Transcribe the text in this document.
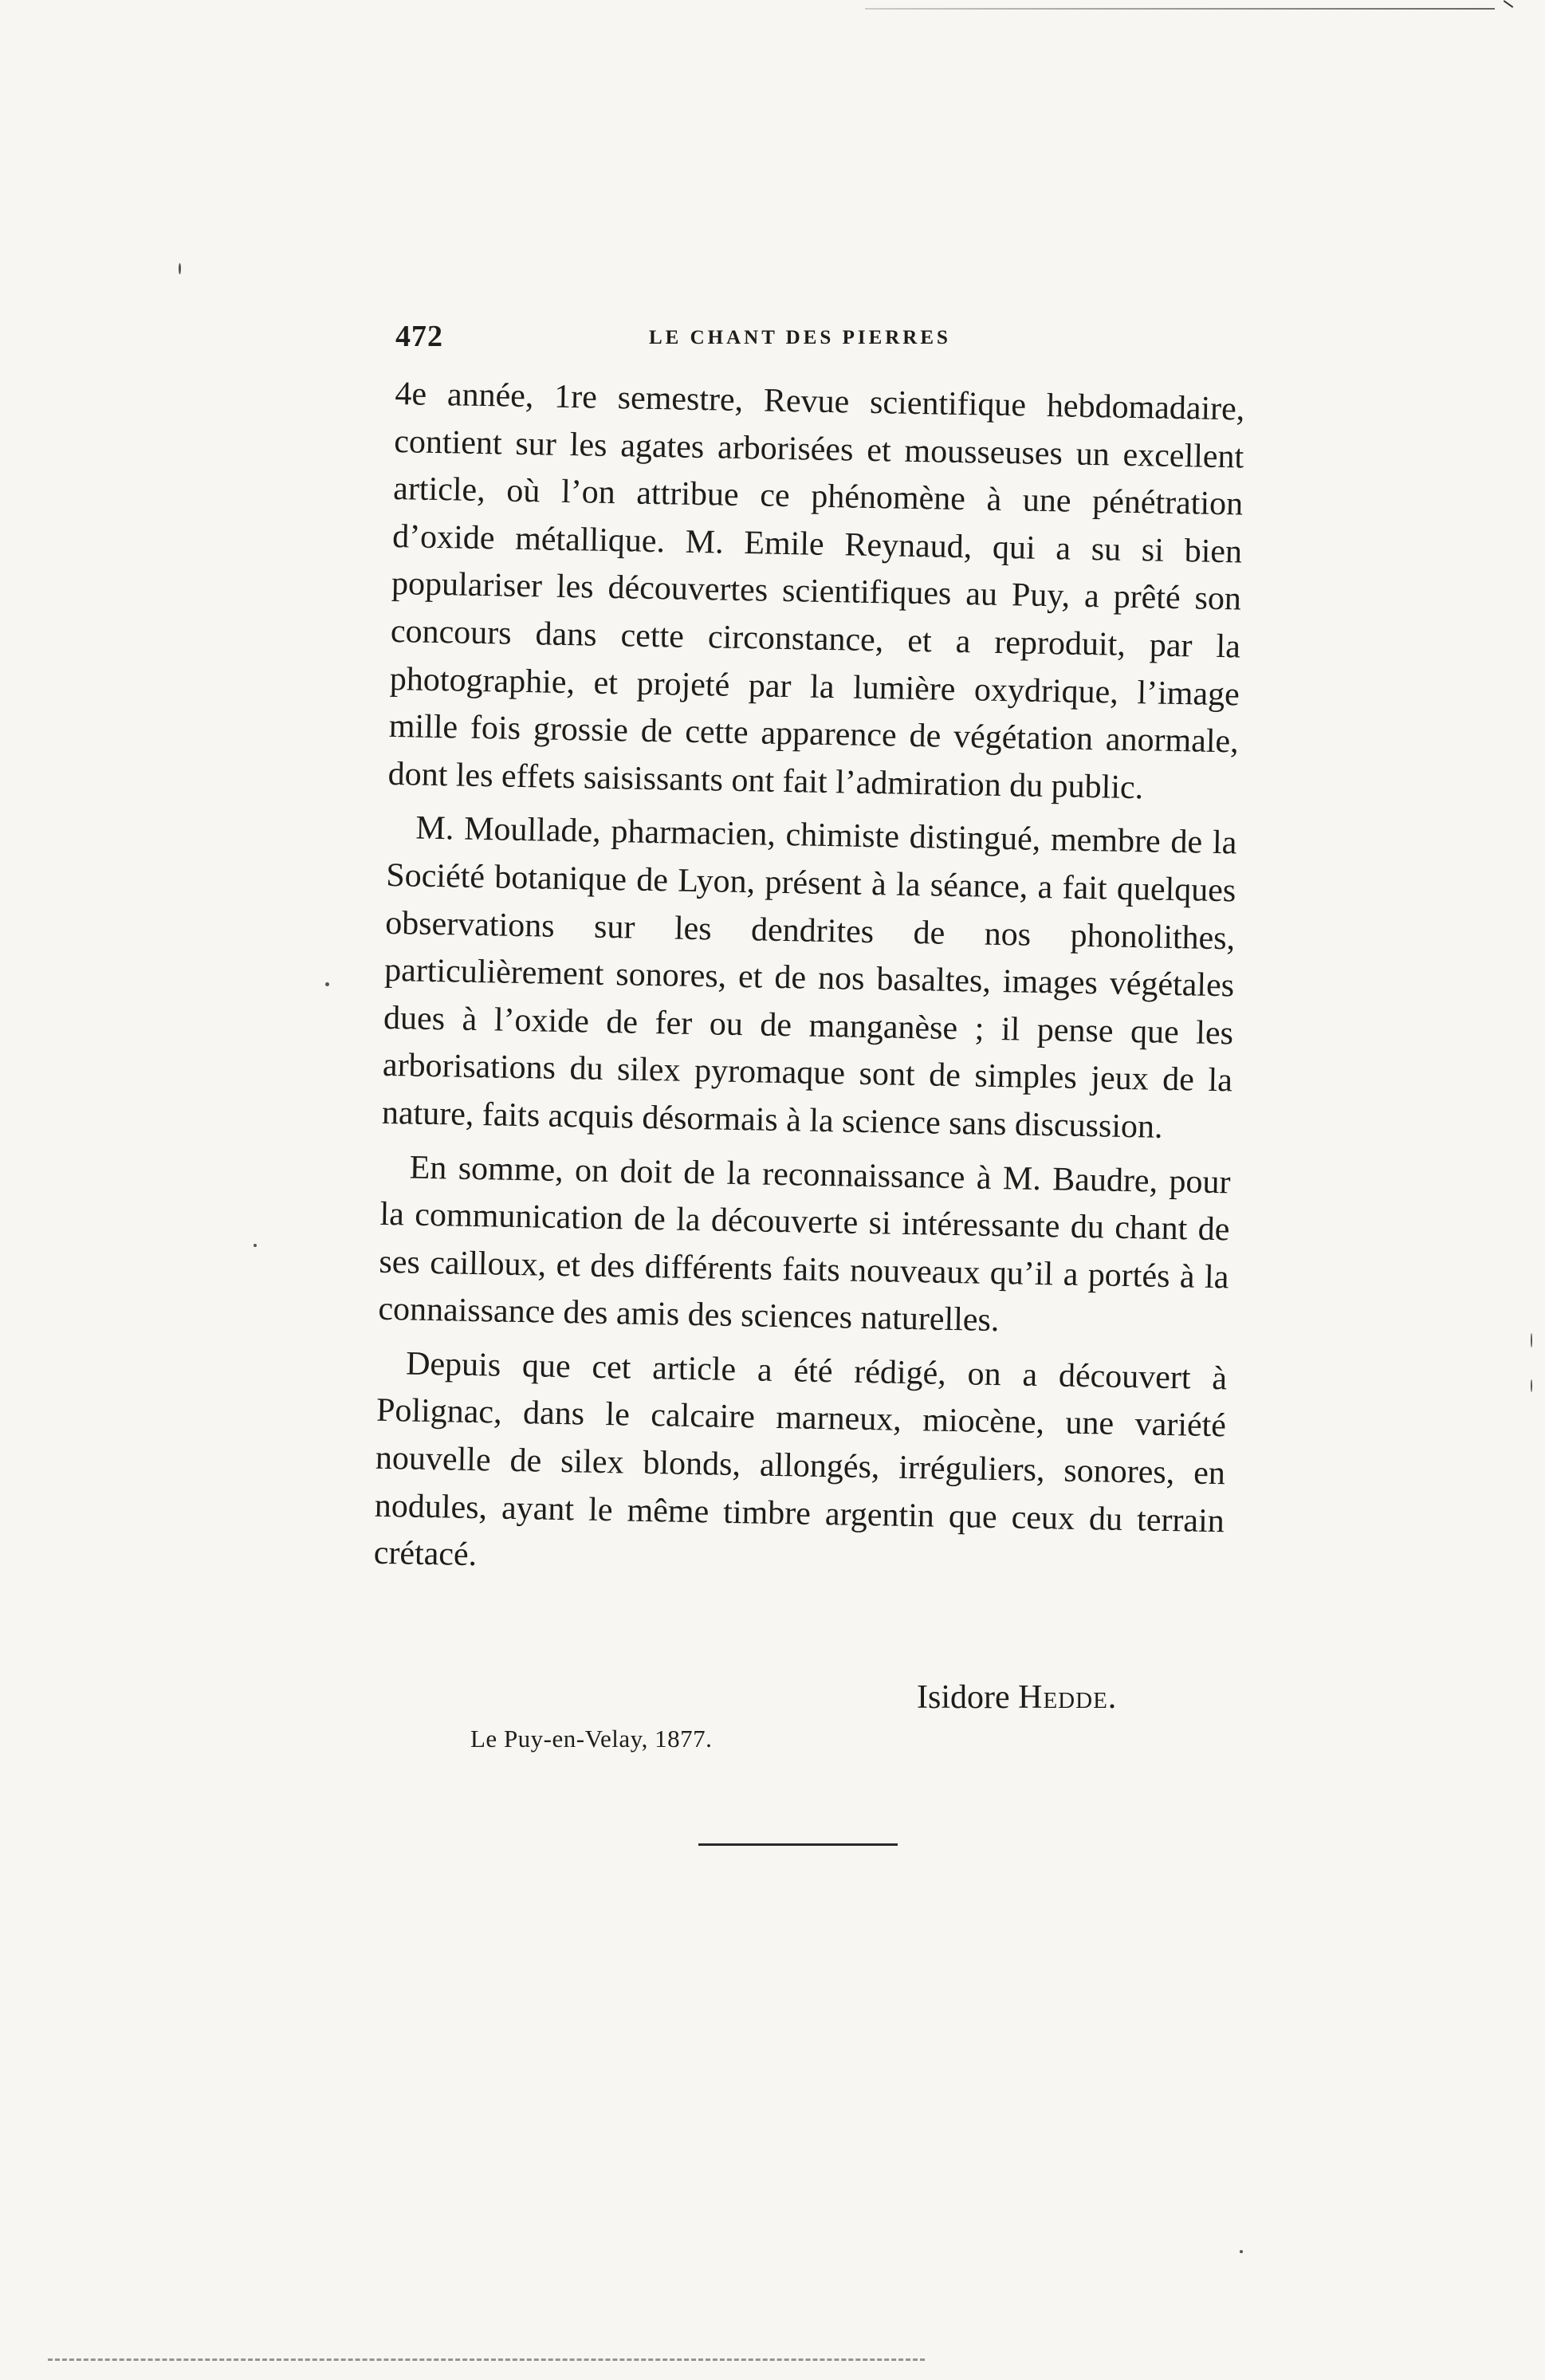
472	LE CHANT DES PIERRES

4e année, 1re semestre, Revue scientifique hebdomadaire, contient sur les agates arborisées et mousseuses un excellent article, où l’on attribue ce phénomène à une pénétration d’oxide métallique. M. Emile Reynaud, qui a su si bien populariser les découvertes scientifiques au Puy, a prêté son concours dans cette circonstance, et a reproduit, par la photographie, et projeté par la lumière oxydrique, l’image mille fois grossie de cette apparence de végétation anormale, dont les effets saisissants ont fait l’admiration du public.

M. Moullade, pharmacien, chimiste distingué, membre de la Société botanique de Lyon, présent à la séance, a fait quelques observations sur les dendrites de nos phonolithes, particulièrement sonores, et de nos basaltes, images végétales dues à l’oxide de fer ou de manganèse ; il pense que les arborisations du silex pyromaque sont de simples jeux de la nature, faits acquis désormais à la science sans discussion.

En somme, on doit de la reconnaissance à M. Baudre, pour la communication de la découverte si intéressante du chant de ses cailloux, et des différents faits nouveaux qu’il a portés à la connaissance des amis des sciences naturelles.

Depuis que cet article a été rédigé, on a découvert à Polignac, dans le calcaire marneux, miocène, une variété nouvelle de silex blonds, allongés, irréguliers, sonores, en nodules, ayant le même timbre argentin que ceux du terrain crétacé.

Isidore Hedde.
Le Puy-en-Velay, 1877.
